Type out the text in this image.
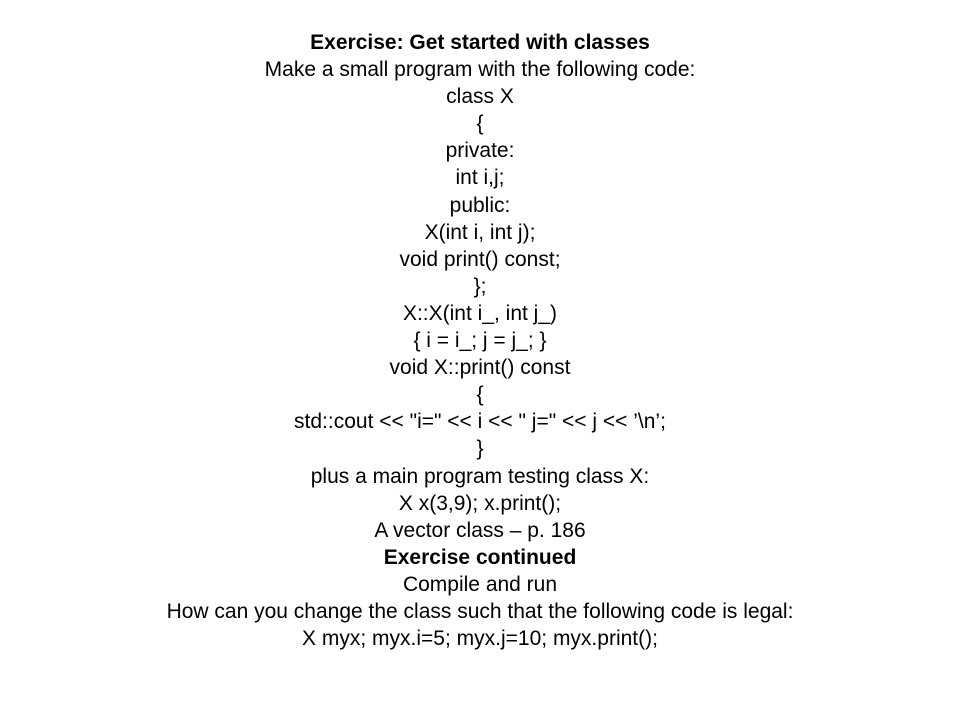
Exercise: Get started with classes
Make a small program with the following code:
class X
{
private:
int i,j;
public:
X(int i, int j);
void print() const;
};
X::X(int i_, int j_)
{ i = i_; j = j_; }
void X::print() const
{
std::cout << "i=" << i << " j=" << j << ’\n’;
}
plus a main program testing class X:
X x(3,9); x.print();
A vector class – p. 186
Exercise continued
Compile and run
How can you change the class such that the following code is legal:
X myx; myx.i=5; myx.j=10; myx.print();
